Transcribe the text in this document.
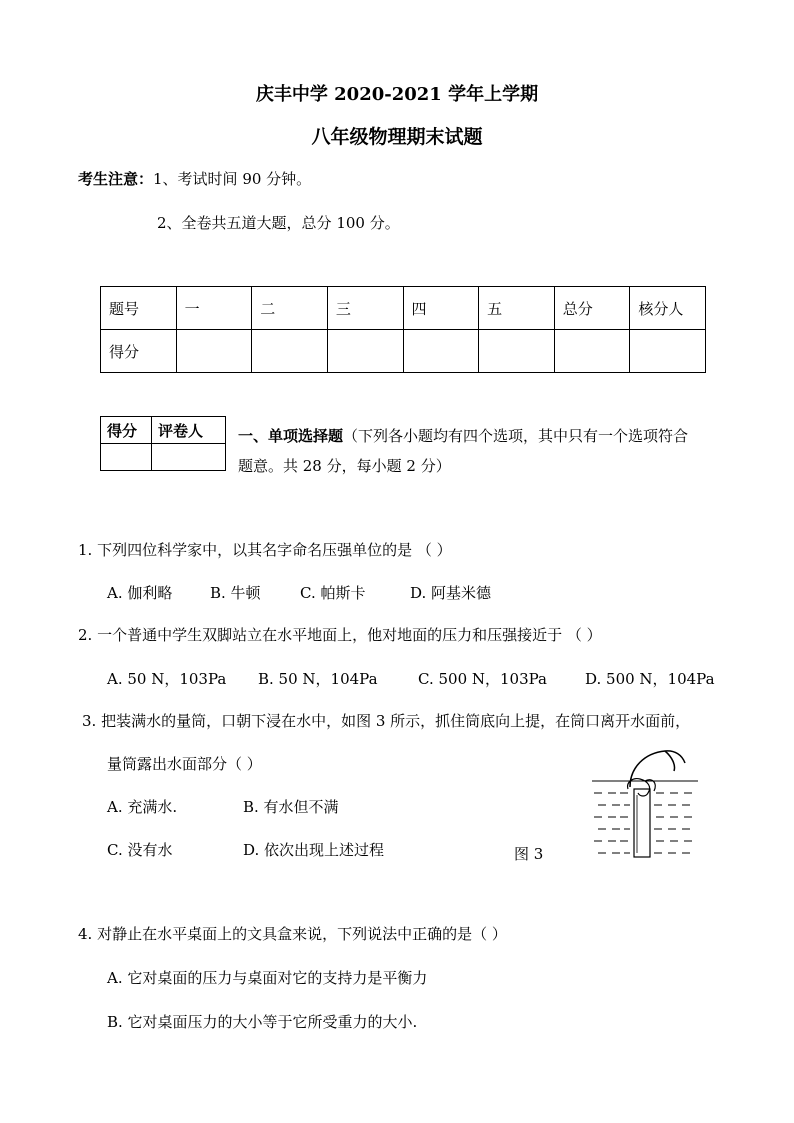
庆丰中学 2020-2021 学年上学期
八年级物理期末试题
考生注意：1、考试时间 90 分钟。
2、全卷共五道大题，总分 100 分。
题号	一	二	三	四	五	总分	核分人
得分							
得分	评卷人
	一、单项选择题（下列各小题均有四个选项，其中只有一个选项符合
题意。共 28 分，每小题 2 分）
1. 下列四位科学家中，以其名字命名压强单位的是 （ ）
A. 伽利略	B. 牛顿	C. 帕斯卡	D. 阿基米德
2. 一个普通中学生双脚站立在水平地面上，他对地面的压力和压强接近于 （ ）
A. 50 N，103Pa B. 50 N，104Pa	C. 500 N，103Pa	D. 500 N，104Pa
3. 把装满水的量筒，口朝下浸在水中，如图 3 所示，抓住筒底向上提，在筒口离开水面前，
量筒露出水面部分（ ）
A. 充满水.	B. 有水但不满
C. 没有水	D. 依次出现上述过程	图 3
4. 对静止在水平桌面上的文具盒来说，下列说法中正确的是（ ）
A. 它对桌面的压力与桌面对它的支持力是平衡力
B. 它对桌面压力的大小等于它所受重力的大小.
